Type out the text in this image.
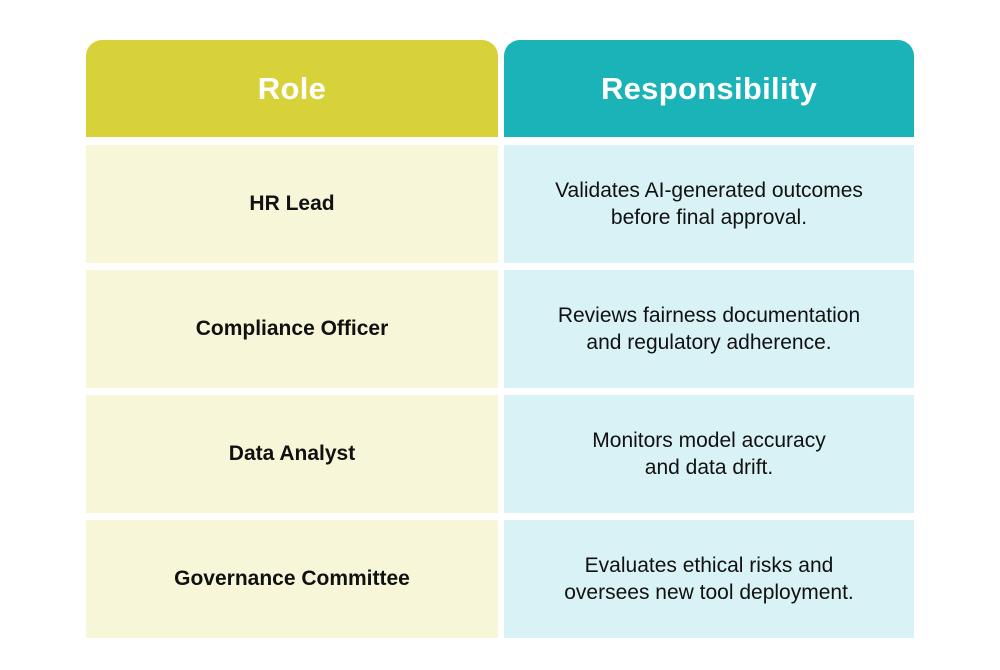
Role	Responsibility
HR Lead
Validates AI-generated outcomes
before final approval.
Compliance Officer
Reviews fairness documentation
and regulatory adherence.
Data Analyst
Monitors model accuracy
and data drift.
Governance Committee
Evaluates ethical risks and
oversees new tool deployment.
